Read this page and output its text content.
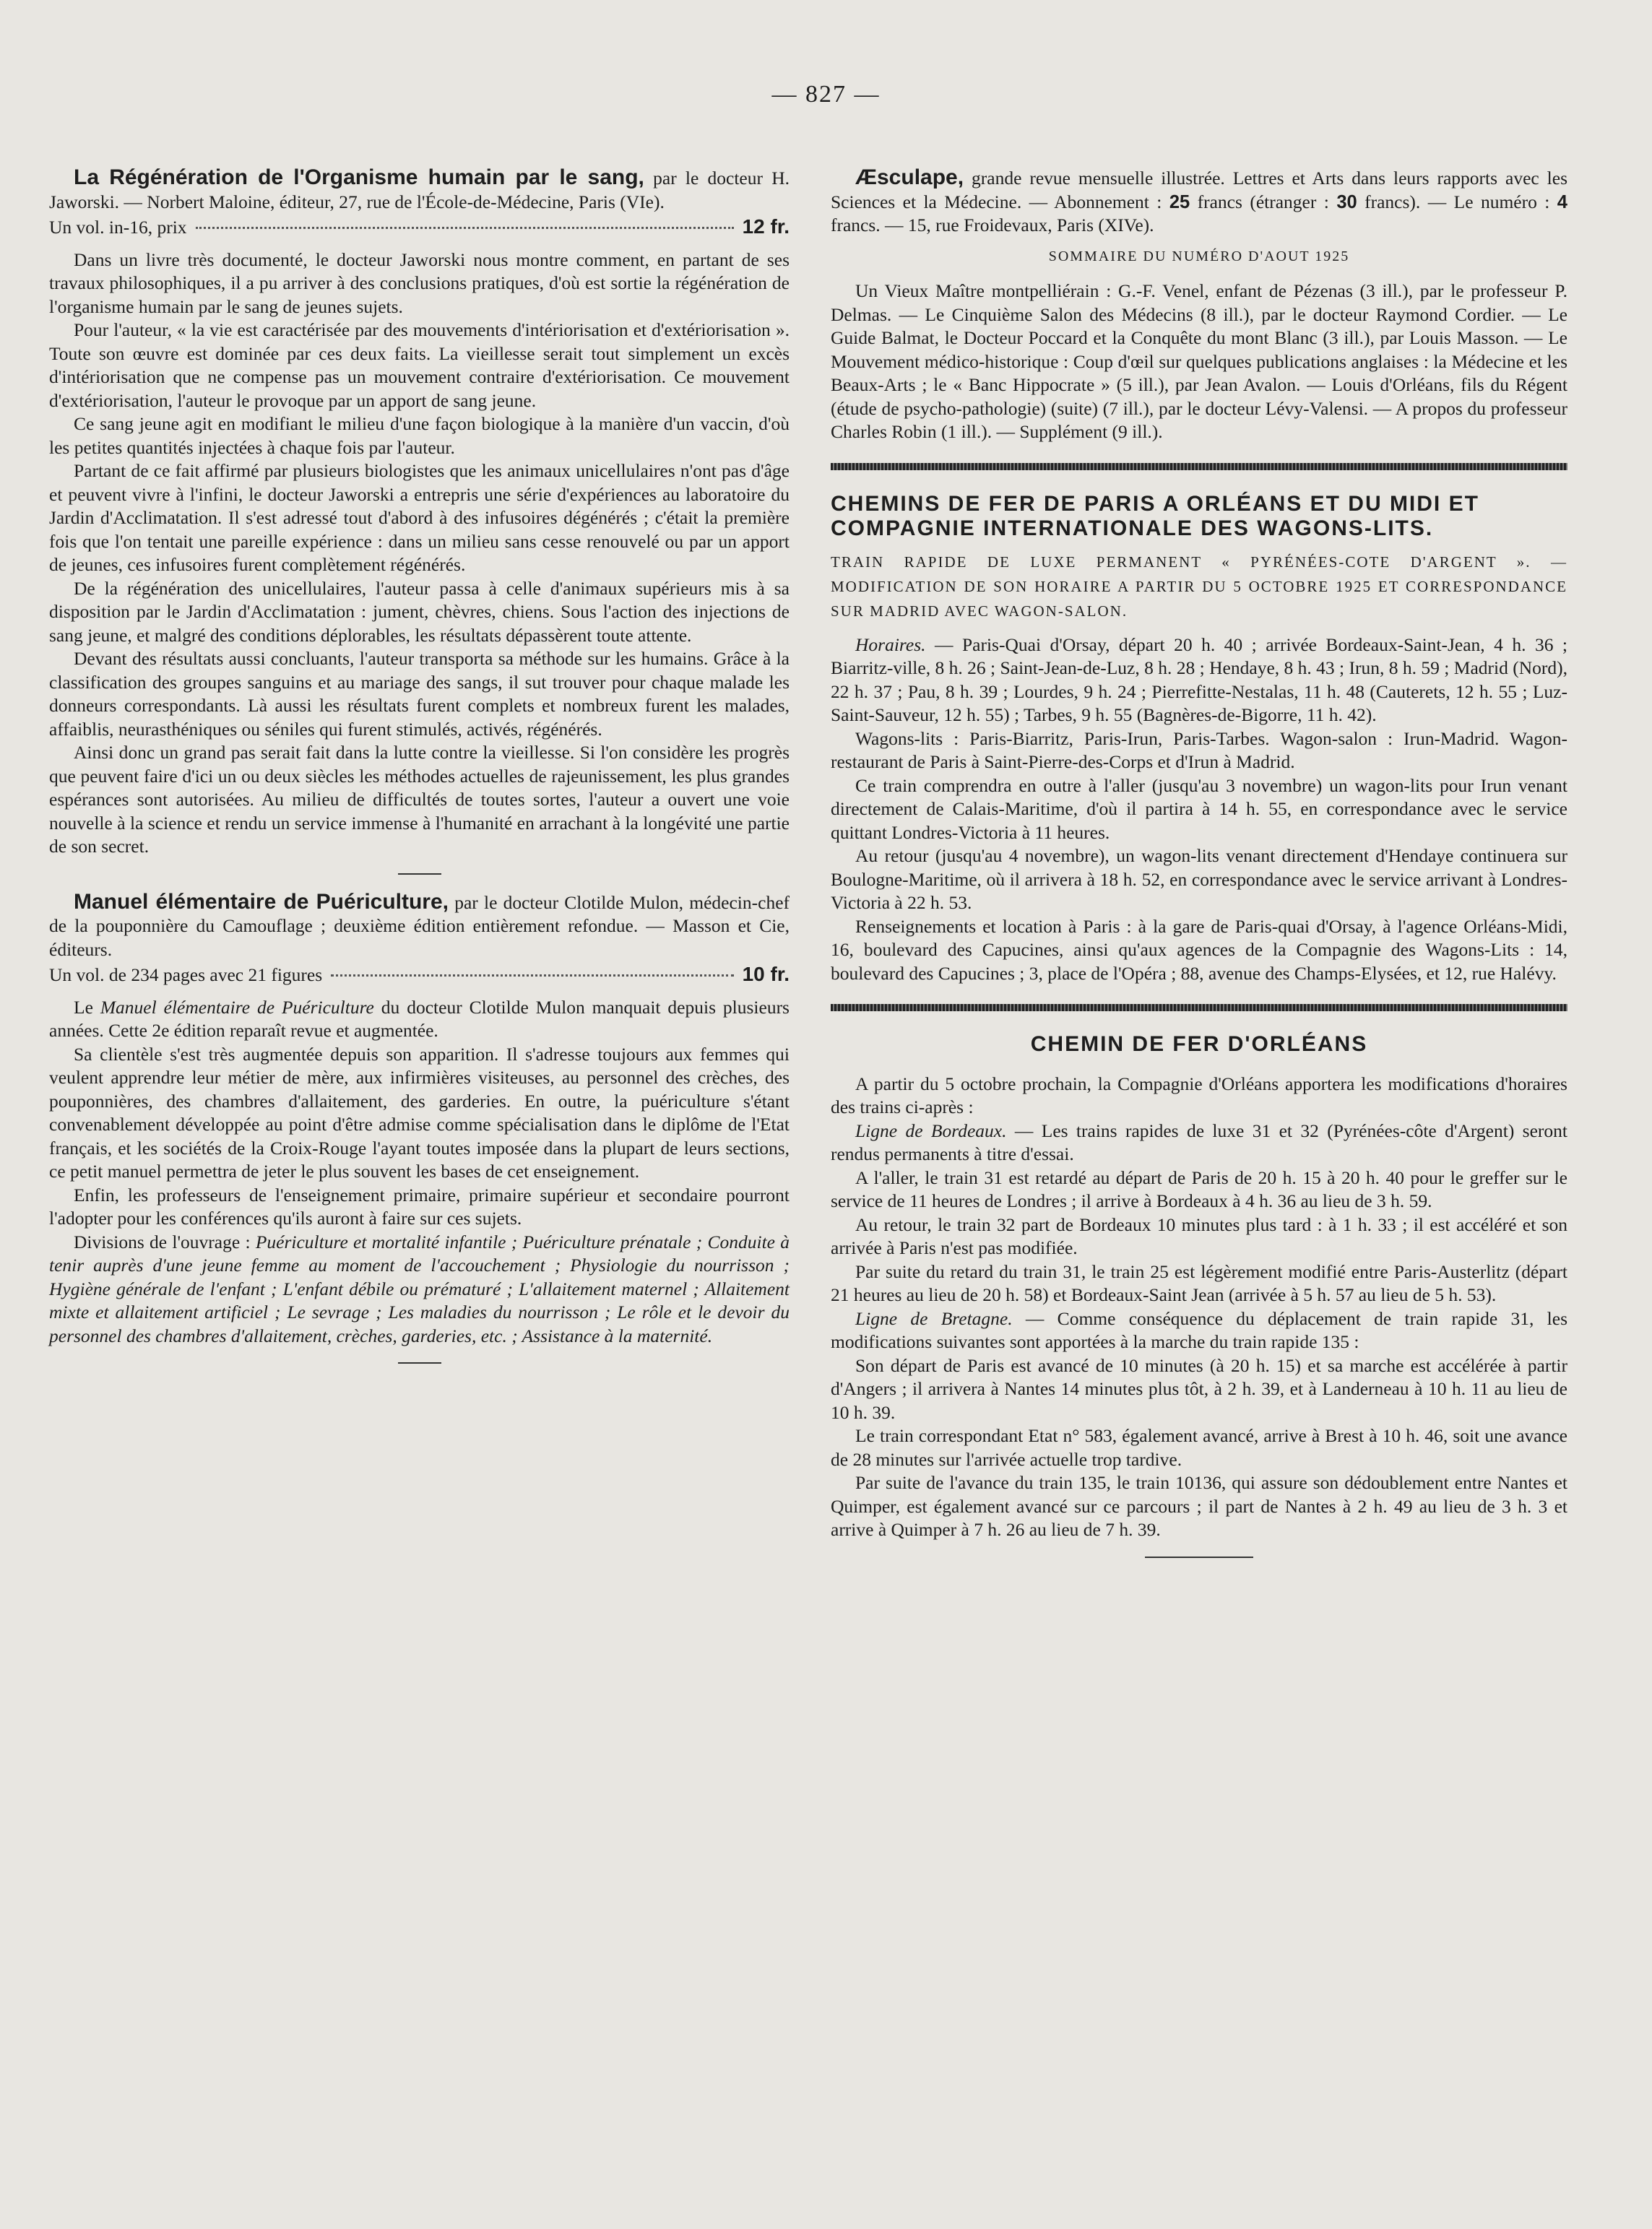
— 827 —

La Régénération de l'Organisme humain par le sang, par le docteur H. Jaworski. — Norbert Maloine, éditeur, 27, rue de l'École-de-Médecine, Paris (VIe).

Un vol. in-16, prix	12 fr.

Dans un livre très documenté, le docteur Jaworski nous montre comment, en partant de ses travaux philosophiques, il a pu arriver à des conclusions pratiques, d'où est sortie la régénération de l'organisme humain par le sang de jeunes sujets.

Pour l'auteur, « la vie est caractérisée par des mouvements d'intériorisation et d'extériorisation ». Toute son œuvre est dominée par ces deux faits. La vieillesse serait tout simplement un excès d'intériorisation que ne compense pas un mouvement contraire d'extériorisation. Ce mouvement d'extériorisation, l'auteur le provoque par un apport de sang jeune.

Ce sang jeune agit en modifiant le milieu d'une façon biologique à la manière d'un vaccin, d'où les petites quantités injectées à chaque fois par l'auteur.

Partant de ce fait affirmé par plusieurs biologistes que les animaux unicellulaires n'ont pas d'âge et peuvent vivre à l'infini, le docteur Jaworski a entrepris une série d'expériences au laboratoire du Jardin d'Acclimatation. Il s'est adressé tout d'abord à des infusoires dégénérés ; c'était la première fois que l'on tentait une pareille expérience : dans un milieu sans cesse renouvelé ou par un apport de jeunes, ces infusoires furent complètement régénérés.

De la régénération des unicellulaires, l'auteur passa à celle d'animaux supérieurs mis à sa disposition par le Jardin d'Acclimatation : jument, chèvres, chiens. Sous l'action des injections de sang jeune, et malgré des conditions déplorables, les résultats dépassèrent toute attente.

Devant des résultats aussi concluants, l'auteur transporta sa méthode sur les humains. Grâce à la classification des groupes sanguins et au mariage des sangs, il sut trouver pour chaque malade les donneurs correspondants. Là aussi les résultats furent complets et nombreux furent les malades, affaiblis, neurasthéniques ou séniles qui furent stimulés, activés, régénérés.

Ainsi donc un grand pas serait fait dans la lutte contre la vieillesse. Si l'on considère les progrès que peuvent faire d'ici un ou deux siècles les méthodes actuelles de rajeunissement, les plus grandes espérances sont autorisées. Au milieu de difficultés de toutes sortes, l'auteur a ouvert une voie nouvelle à la science et rendu un service immense à l'humanité en arrachant à la longévité une partie de son secret.

Manuel élémentaire de Puériculture, par le docteur Clotilde Mulon, médecin-chef de la pouponnière du Camouflage ; deuxième édition entièrement refondue. — Masson et Cie, éditeurs.

Un vol. de 234 pages avec 21 figures	10 fr.

Le Manuel élémentaire de Puériculture du docteur Clotilde Mulon manquait depuis plusieurs années. Cette 2e édition reparaît revue et augmentée.

Sa clientèle s'est très augmentée depuis son apparition. Il s'adresse toujours aux femmes qui veulent apprendre leur métier de mère, aux infirmières visiteuses, au personnel des crèches, des pouponnières, des chambres d'allaitement, des garderies. En outre, la puériculture s'étant convenablement développée au point d'être admise comme spécialisation dans le diplôme de l'Etat français, et les sociétés de la Croix-Rouge l'ayant toutes imposée dans la plupart de leurs sections, ce petit manuel permettra de jeter le plus souvent les bases de cet enseignement.

Enfin, les professeurs de l'enseignement primaire, primaire supérieur et secondaire pourront l'adopter pour les conférences qu'ils auront à faire sur ces sujets.

Divisions de l'ouvrage : Puériculture et mortalité infantile ; Puériculture prénatale ; Conduite à tenir auprès d'une jeune femme au moment de l'accouchement ; Physiologie du nourrisson ; Hygiène générale de l'enfant ; L'enfant débile ou prématuré ; L'allaitement maternel ; Allaitement mixte et allaitement artificiel ; Le sevrage ; Les maladies du nourrisson ; Le rôle et le devoir du personnel des chambres d'allaitement, crèches, garderies, etc. ; Assistance à la maternité.

Æsculape, grande revue mensuelle illustrée. Lettres et Arts dans leurs rapports avec les Sciences et la Médecine. — Abonnement : 25 francs (étranger : 30 francs). — Le numéro : 4 francs. — 15, rue Froidevaux, Paris (XIVe).

SOMMAIRE DU NUMÉRO D'AOUT 1925

Un Vieux Maître montpelliérain : G.-F. Venel, enfant de Pézenas (3 ill.), par le professeur P. Delmas. — Le Cinquième Salon des Médecins (8 ill.), par le docteur Raymond Cordier. — Le Guide Balmat, le Docteur Poccard et la Conquête du mont Blanc (3 ill.), par Louis Masson. — Le Mouvement médico-historique : Coup d'œil sur quelques publications anglaises : la Médecine et les Beaux-Arts ; le « Banc Hippocrate » (5 ill.), par Jean Avalon. — Louis d'Orléans, fils du Régent (étude de psycho-pathologie) (suite) (7 ill.), par le docteur Lévy-Valensi. — A propos du professeur Charles Robin (1 ill.). — Supplément (9 ill.).

CHEMINS DE FER DE PARIS A ORLÉANS ET DU MIDI ET COMPAGNIE INTERNATIONALE DES WAGONS-LITS.
TRAIN RAPIDE DE LUXE PERMANENT « PYRÉNÉES-COTE D'ARGENT ». — MODIFICATION DE SON HORAIRE A PARTIR DU 5 OCTOBRE 1925 ET CORRESPONDANCE SUR MADRID AVEC WAGON-SALON.

Horaires. — Paris-Quai d'Orsay, départ 20 h. 40 ; arrivée Bordeaux-Saint-Jean, 4 h. 36 ; Biarritz-ville, 8 h. 26 ; Saint-Jean-de-Luz, 8 h. 28 ; Hendaye, 8 h. 43 ; Irun, 8 h. 59 ; Madrid (Nord), 22 h. 37 ; Pau, 8 h. 39 ; Lourdes, 9 h. 24 ; Pierrefitte-Nestalas, 11 h. 48 (Cauterets, 12 h. 55 ; Luz-Saint-Sauveur, 12 h. 55) ; Tarbes, 9 h. 55 (Bagnères-de-Bigorre, 11 h. 42).

Wagons-lits : Paris-Biarritz, Paris-Irun, Paris-Tarbes. Wagon-salon : Irun-Madrid. Wagon-restaurant de Paris à Saint-Pierre-des-Corps et d'Irun à Madrid.

Ce train comprendra en outre à l'aller (jusqu'au 3 novembre) un wagon-lits pour Irun venant directement de Calais-Maritime, d'où il partira à 14 h. 55, en correspondance avec le service quittant Londres-Victoria à 11 heures.

Au retour (jusqu'au 4 novembre), un wagon-lits venant directement d'Hendaye continuera sur Boulogne-Maritime, où il arrivera à 18 h. 52, en correspondance avec le service arrivant à Londres-Victoria à 22 h. 53.

Renseignements et location à Paris : à la gare de Paris-quai d'Orsay, à l'agence Orléans-Midi, 16, boulevard des Capucines, ainsi qu'aux agences de la Compagnie des Wagons-Lits : 14, boulevard des Capucines ; 3, place de l'Opéra ; 88, avenue des Champs-Elysées, et 12, rue Halévy.

CHEMIN DE FER D'ORLÉANS

A partir du 5 octobre prochain, la Compagnie d'Orléans apportera les modifications d'horaires des trains ci-après :

Ligne de Bordeaux. — Les trains rapides de luxe 31 et 32 (Pyrénées-côte d'Argent) seront rendus permanents à titre d'essai.

A l'aller, le train 31 est retardé au départ de Paris de 20 h. 15 à 20 h. 40 pour le greffer sur le service de 11 heures de Londres ; il arrive à Bordeaux à 4 h. 36 au lieu de 3 h. 59.

Au retour, le train 32 part de Bordeaux 10 minutes plus tard : à 1 h. 33 ; il est accéléré et son arrivée à Paris n'est pas modifiée.

Par suite du retard du train 31, le train 25 est légèrement modifié entre Paris-Austerlitz (départ 21 heures au lieu de 20 h. 58) et Bordeaux-Saint Jean (arrivée à 5 h. 57 au lieu de 5 h. 53).

Ligne de Bretagne. — Comme conséquence du déplacement de train rapide 31, les modifications suivantes sont apportées à la marche du train rapide 135 :

Son départ de Paris est avancé de 10 minutes (à 20 h. 15) et sa marche est accélérée à partir d'Angers ; il arrivera à Nantes 14 minutes plus tôt, à 2 h. 39, et à Landerneau à 10 h. 11 au lieu de 10 h. 39.

Le train correspondant Etat n° 583, également avancé, arrive à Brest à 10 h. 46, soit une avance de 28 minutes sur l'arrivée actuelle trop tardive.

Par suite de l'avance du train 135, le train 10136, qui assure son dédoublement entre Nantes et Quimper, est également avancé sur ce parcours ; il part de Nantes à 2 h. 49 au lieu de 3 h. 3 et arrive à Quimper à 7 h. 26 au lieu de 7 h. 39.
